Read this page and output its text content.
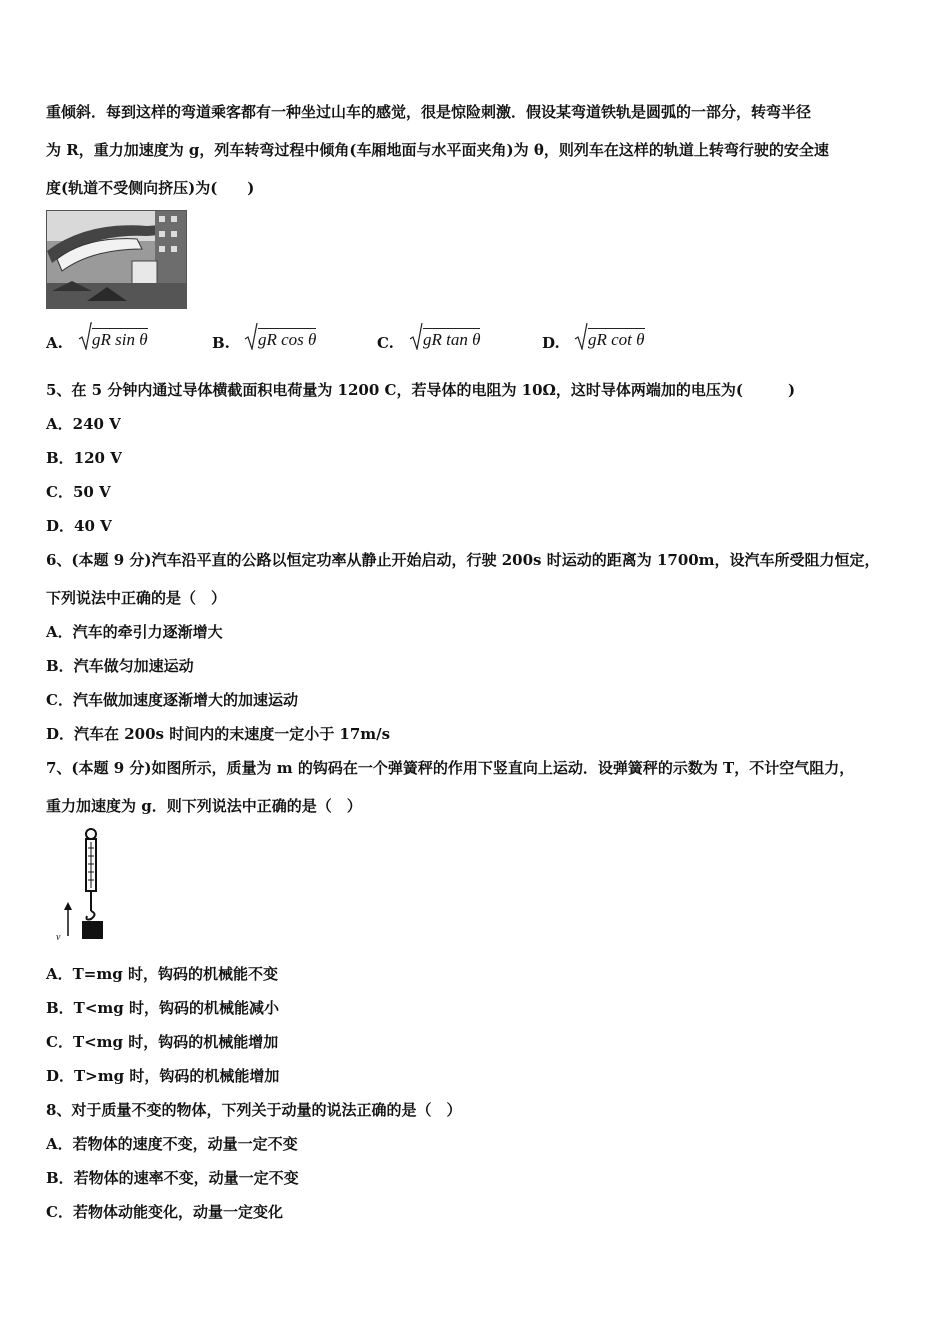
重倾斜．每到这样的弯道乘客都有一种坐过山车的感觉，很是惊险刺激．假设某弯道铁轨是圆弧的一部分，转弯半径
为 R，重力加速度为 g，列车转弯过程中倾角(车厢地面与水平面夹角)为 θ，则列车在这样的轨道上转弯行驶的安全速
度(轨道不受侧向挤压)为(　　)
A. gR sin θ	B. gR cos θ	C. gR tan θ	D. gR cot θ
5、在 5 分钟内通过导体横截面积电荷量为 1200 C，若导体的电阻为 10Ω，这时导体两端加的电压为(　　　)
A．240 V
B．120 V
C．50 V
D．40 V
6、(本题 9 分)汽车沿平直的公路以恒定功率从静止开始启动，行驶 200s 时运动的距离为 1700m，设汽车所受阻力恒定，
下列说法中正确的是（　）
A．汽车的牵引力逐渐增大
B．汽车做匀加速运动
C．汽车做加速度逐渐增大的加速运动
D．汽车在 200s 时间内的末速度一定小于 17m/s
7、(本题 9 分)如图所示，质量为 m 的钩码在一个弹簧秤的作用下竖直向上运动．设弹簧秤的示数为 T，不计空气阻力，
重力加速度为 g．则下列说法中正确的是（　）
v
A．T=mg 时，钩码的机械能不变
B．T<mg 时，钩码的机械能减小
C．T<mg 时，钩码的机械能增加
D．T>mg 时，钩码的机械能增加
8、对于质量不变的物体，下列关于动量的说法正确的是（　）
A．若物体的速度不变，动量一定不变
B．若物体的速率不变，动量一定不变
C．若物体动能变化，动量一定变化
